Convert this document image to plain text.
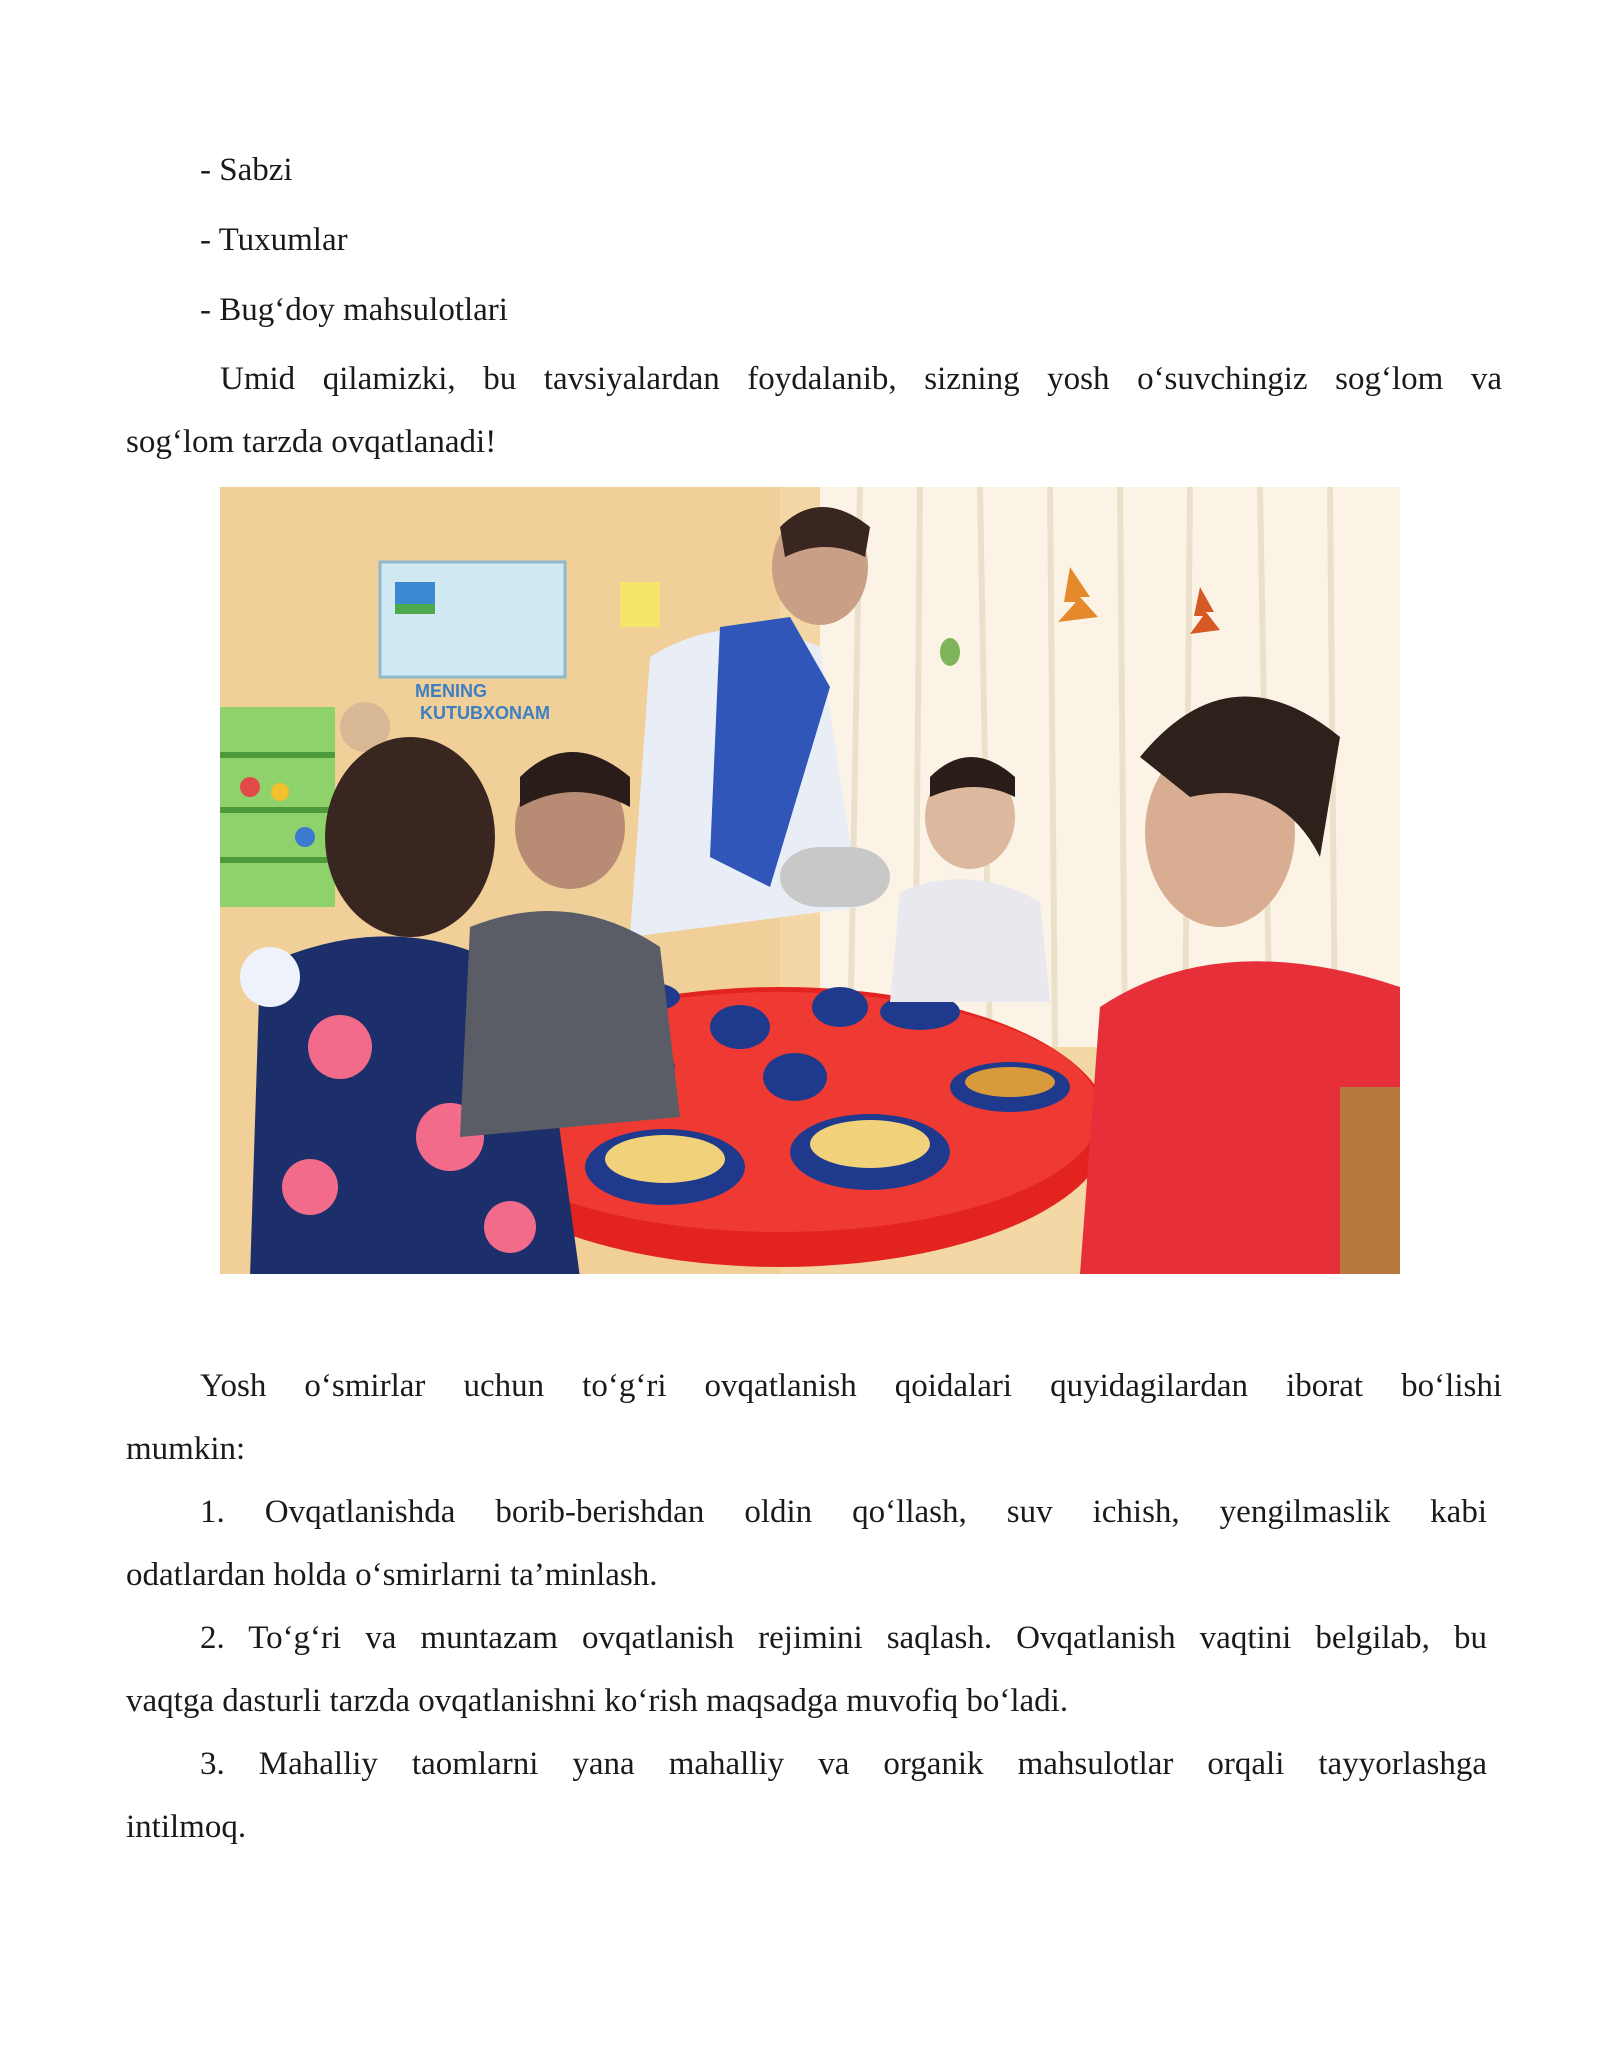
- Sabzi
- Tuxumlar
- Bug‘doy mahsulotlari
Umid qilamizki, bu tavsiyalardan foydalanib, sizning yosh o‘suvchingiz sog‘lom va
sog‘lom tarzda ovqatlanadi!
MENING
KUTUBXONAM
Yosh o‘smirlar uchun to‘g‘ri ovqatlanish qoidalari quyidagilardan iborat bo‘lishi
mumkin:
1. Ovqatlanishda borib-berishdan oldin qo‘llash, suv ichish, yengilmaslik kabi
odatlardan holda o‘smirlarni ta’minlash.
2. To‘g‘ri va muntazam ovqatlanish rejimini saqlash. Ovqatlanish vaqtini belgilab, bu
vaqtga dasturli tarzda ovqatlanishni ko‘rish maqsadga muvofiq bo‘ladi.
3. Mahalliy taomlarni yana mahalliy va organik mahsulotlar orqali tayyorlashga
intilmoq.
